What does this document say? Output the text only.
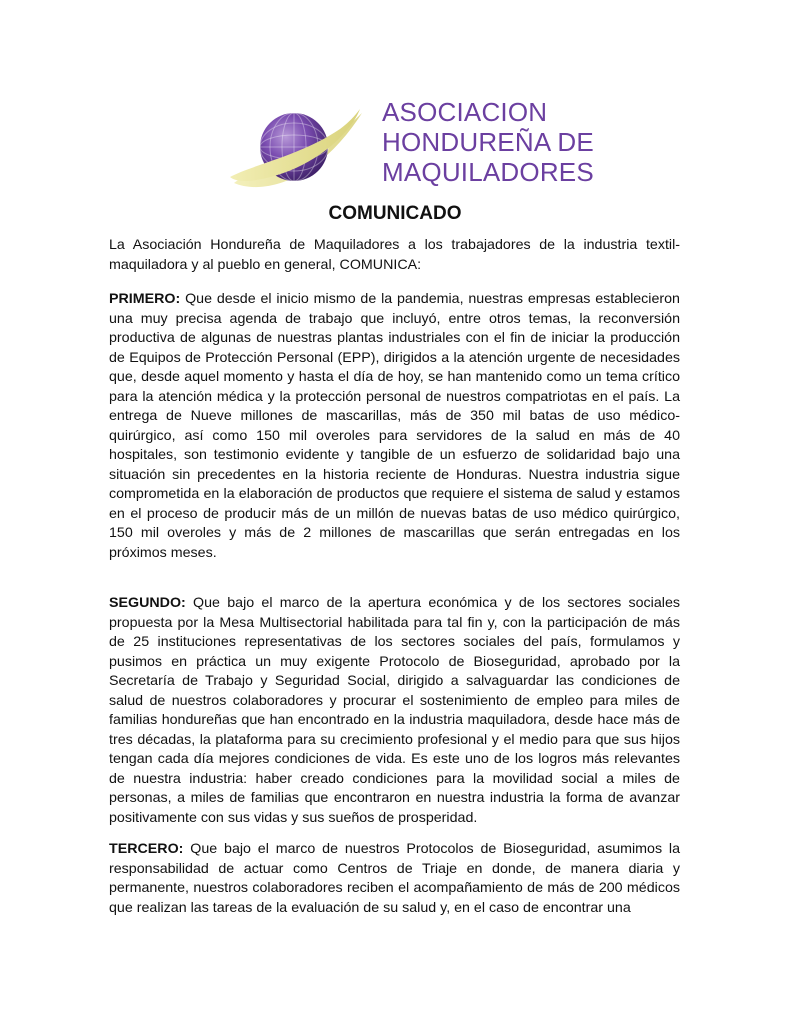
ASOCIACION
HONDUREÑA DE
MAQUILADORES
COMUNICADO

La Asociación Hondureña de Maquiladores a los trabajadores de la industria textil-maquiladora y al pueblo en general, COMUNICA:

PRIMERO: Que desde el inicio mismo de la pandemia, nuestras empresas establecieron una muy precisa agenda de trabajo que incluyó, entre otros temas, la reconversión productiva de algunas de nuestras plantas industriales con el fin de iniciar la producción de Equipos de Protección Personal (EPP), dirigidos a la atención urgente de necesidades que, desde aquel momento y hasta el día de hoy, se han mantenido como un tema crítico para la atención médica y la protección personal de nuestros compatriotas en el país. La entrega de Nueve millones de mascarillas, más de 350 mil batas de uso médico-quirúrgico, así como 150 mil overoles para servidores de la salud en más de 40 hospitales, son testimonio evidente y tangible de un esfuerzo de solidaridad bajo una situación sin precedentes en la historia reciente de Honduras. Nuestra industria sigue comprometida en la elaboración de productos que requiere el sistema de salud y estamos en el proceso de producir más de un millón de nuevas batas de uso médico quirúrgico, 150 mil overoles y más de 2 millones de mascarillas que serán entregadas en los próximos meses.

SEGUNDO: Que bajo el marco de la apertura económica y de los sectores sociales propuesta por la Mesa Multisectorial habilitada para tal fin y, con la participación de más de 25 instituciones representativas de los sectores sociales del país, formulamos y pusimos en práctica un muy exigente Protocolo de Bioseguridad, aprobado por la Secretaría de Trabajo y Seguridad Social, dirigido a salvaguardar las condiciones de salud de nuestros colaboradores y procurar el sostenimiento de empleo para miles de familias hondureñas que han encontrado en la industria maquiladora, desde hace más de tres décadas, la plataforma para su crecimiento profesional y el medio para que sus hijos tengan cada día mejores condiciones de vida. Es este uno de los logros más relevantes de nuestra industria: haber creado condiciones para la movilidad social a miles de personas, a miles de familias que encontraron en nuestra industria la forma de avanzar positivamente con sus vidas y sus sueños de prosperidad.

TERCERO: Que bajo el marco de nuestros Protocolos de Bioseguridad, asumimos la responsabilidad de actuar como Centros de Triaje en donde, de manera diaria y permanente, nuestros colaboradores reciben el acompañamiento de más de 200 médicos que realizan las tareas de la evaluación de su salud y, en el caso de encontrar una
